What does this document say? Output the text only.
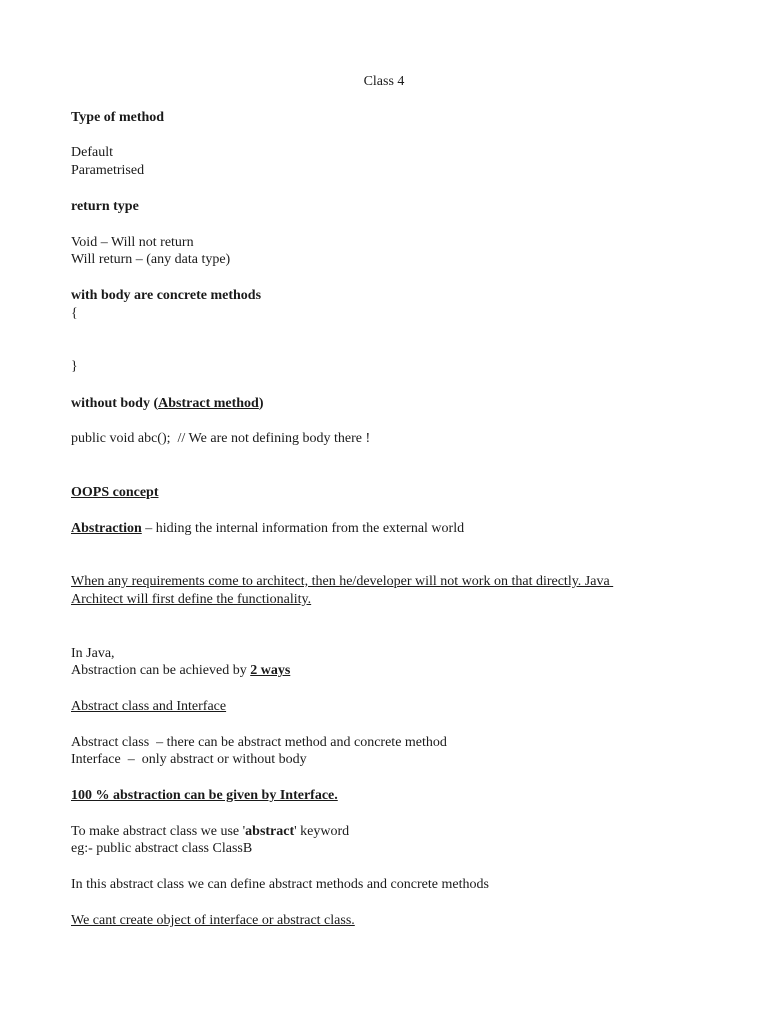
Class 4
Type of method
Default
Parametrised
return type
Void – Will not return
Will return – (any data type)
with body are concrete methods
{
}
without body (Abstract method)
public void abc();  // We are not defining body there !
OOPS concept
Abstraction – hiding the internal information from the external world
When any requirements come to architect, then he/developer will not work on that directly. Java
Architect will first define the functionality.
In Java,
Abstraction can be achieved by 2 ways
Abstract class and Interface
Abstract class  – there can be abstract method and concrete method
Interface  –  only abstract or without body
100 % abstraction can be given by Interface.
To make abstract class we use 'abstract' keyword
eg:- public abstract class ClassB
In this abstract class we can define abstract methods and concrete methods
We cant create object of interface or abstract class.
